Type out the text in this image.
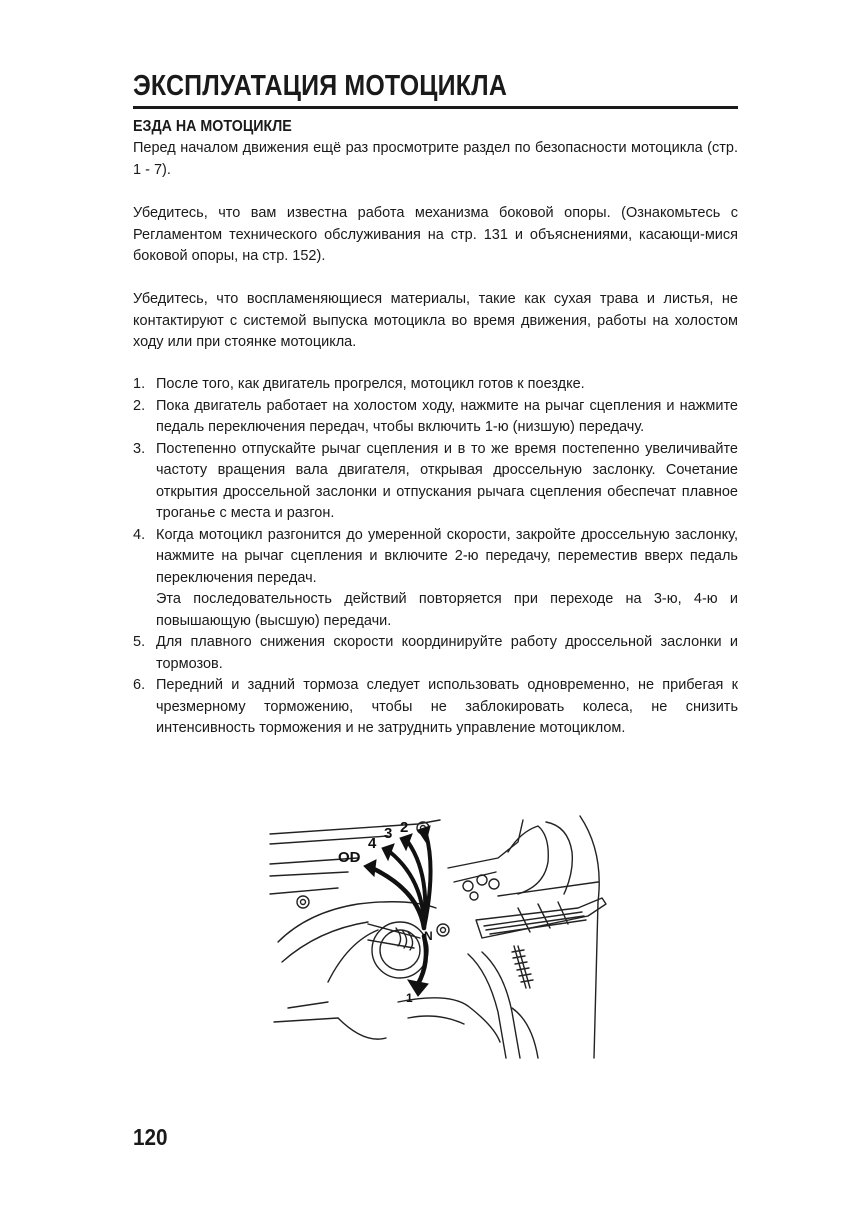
ЭКСПЛУАТАЦИЯ МОТОЦИКЛА
ЕЗДА НА МОТОЦИКЛЕ

Перед началом движения ещё раз просмотрите раздел по безопасности мотоцикла (стр. 1 - 7).

Убедитесь, что вам известна работа механизма боковой опоры. (Ознакомьтесь с Регламентом технического обслуживания на стр. 131 и объяснениями, касающи-мися боковой опоры, на стр. 152).

Убедитесь, что воспламеняющиеся материалы, такие как сухая трава и листья, не контактируют с системой выпуска мотоцикла во время движения, работы на холостом ходу или при стоянке мотоцикла.

1. После того, как двигатель прогрелся, мотоцикл готов к поездке.
2. Пока двигатель работает на холостом ходу, нажмите на рычаг сцепления и нажмите педаль переключения передач, чтобы включить 1-ю (низшую) передачу.
3. Постепенно отпускайте рычаг сцепления и в то же время постепенно увеличивайте частоту вращения вала двигателя, открывая дроссельную заслонку. Сочетание открытия дроссельной заслонки и отпускания рычага сцепления обеспечат плавное троганье с места и разгон.
4. Когда мотоцикл разгонится до умеренной скорости, закройте дроссельную заслонку, нажмите на рычаг сцепления и включите 2-ю передачу, переместив вверх педаль переключения передач.
Эта последовательность действий повторяется при переходе на 3-ю, 4-ю и повышающую (высшую) передачи.
5. Для плавного снижения скорости координируйте работу дроссельной заслонки и тормозов.
6. Передний и задний тормоза следует использовать одновременно, не прибегая к чрезмерному торможению, чтобы не заблокировать колеса, не снизить интенсивность торможения и не затруднить управление мотоциклом.
OD
4
3 2
N
1
120
